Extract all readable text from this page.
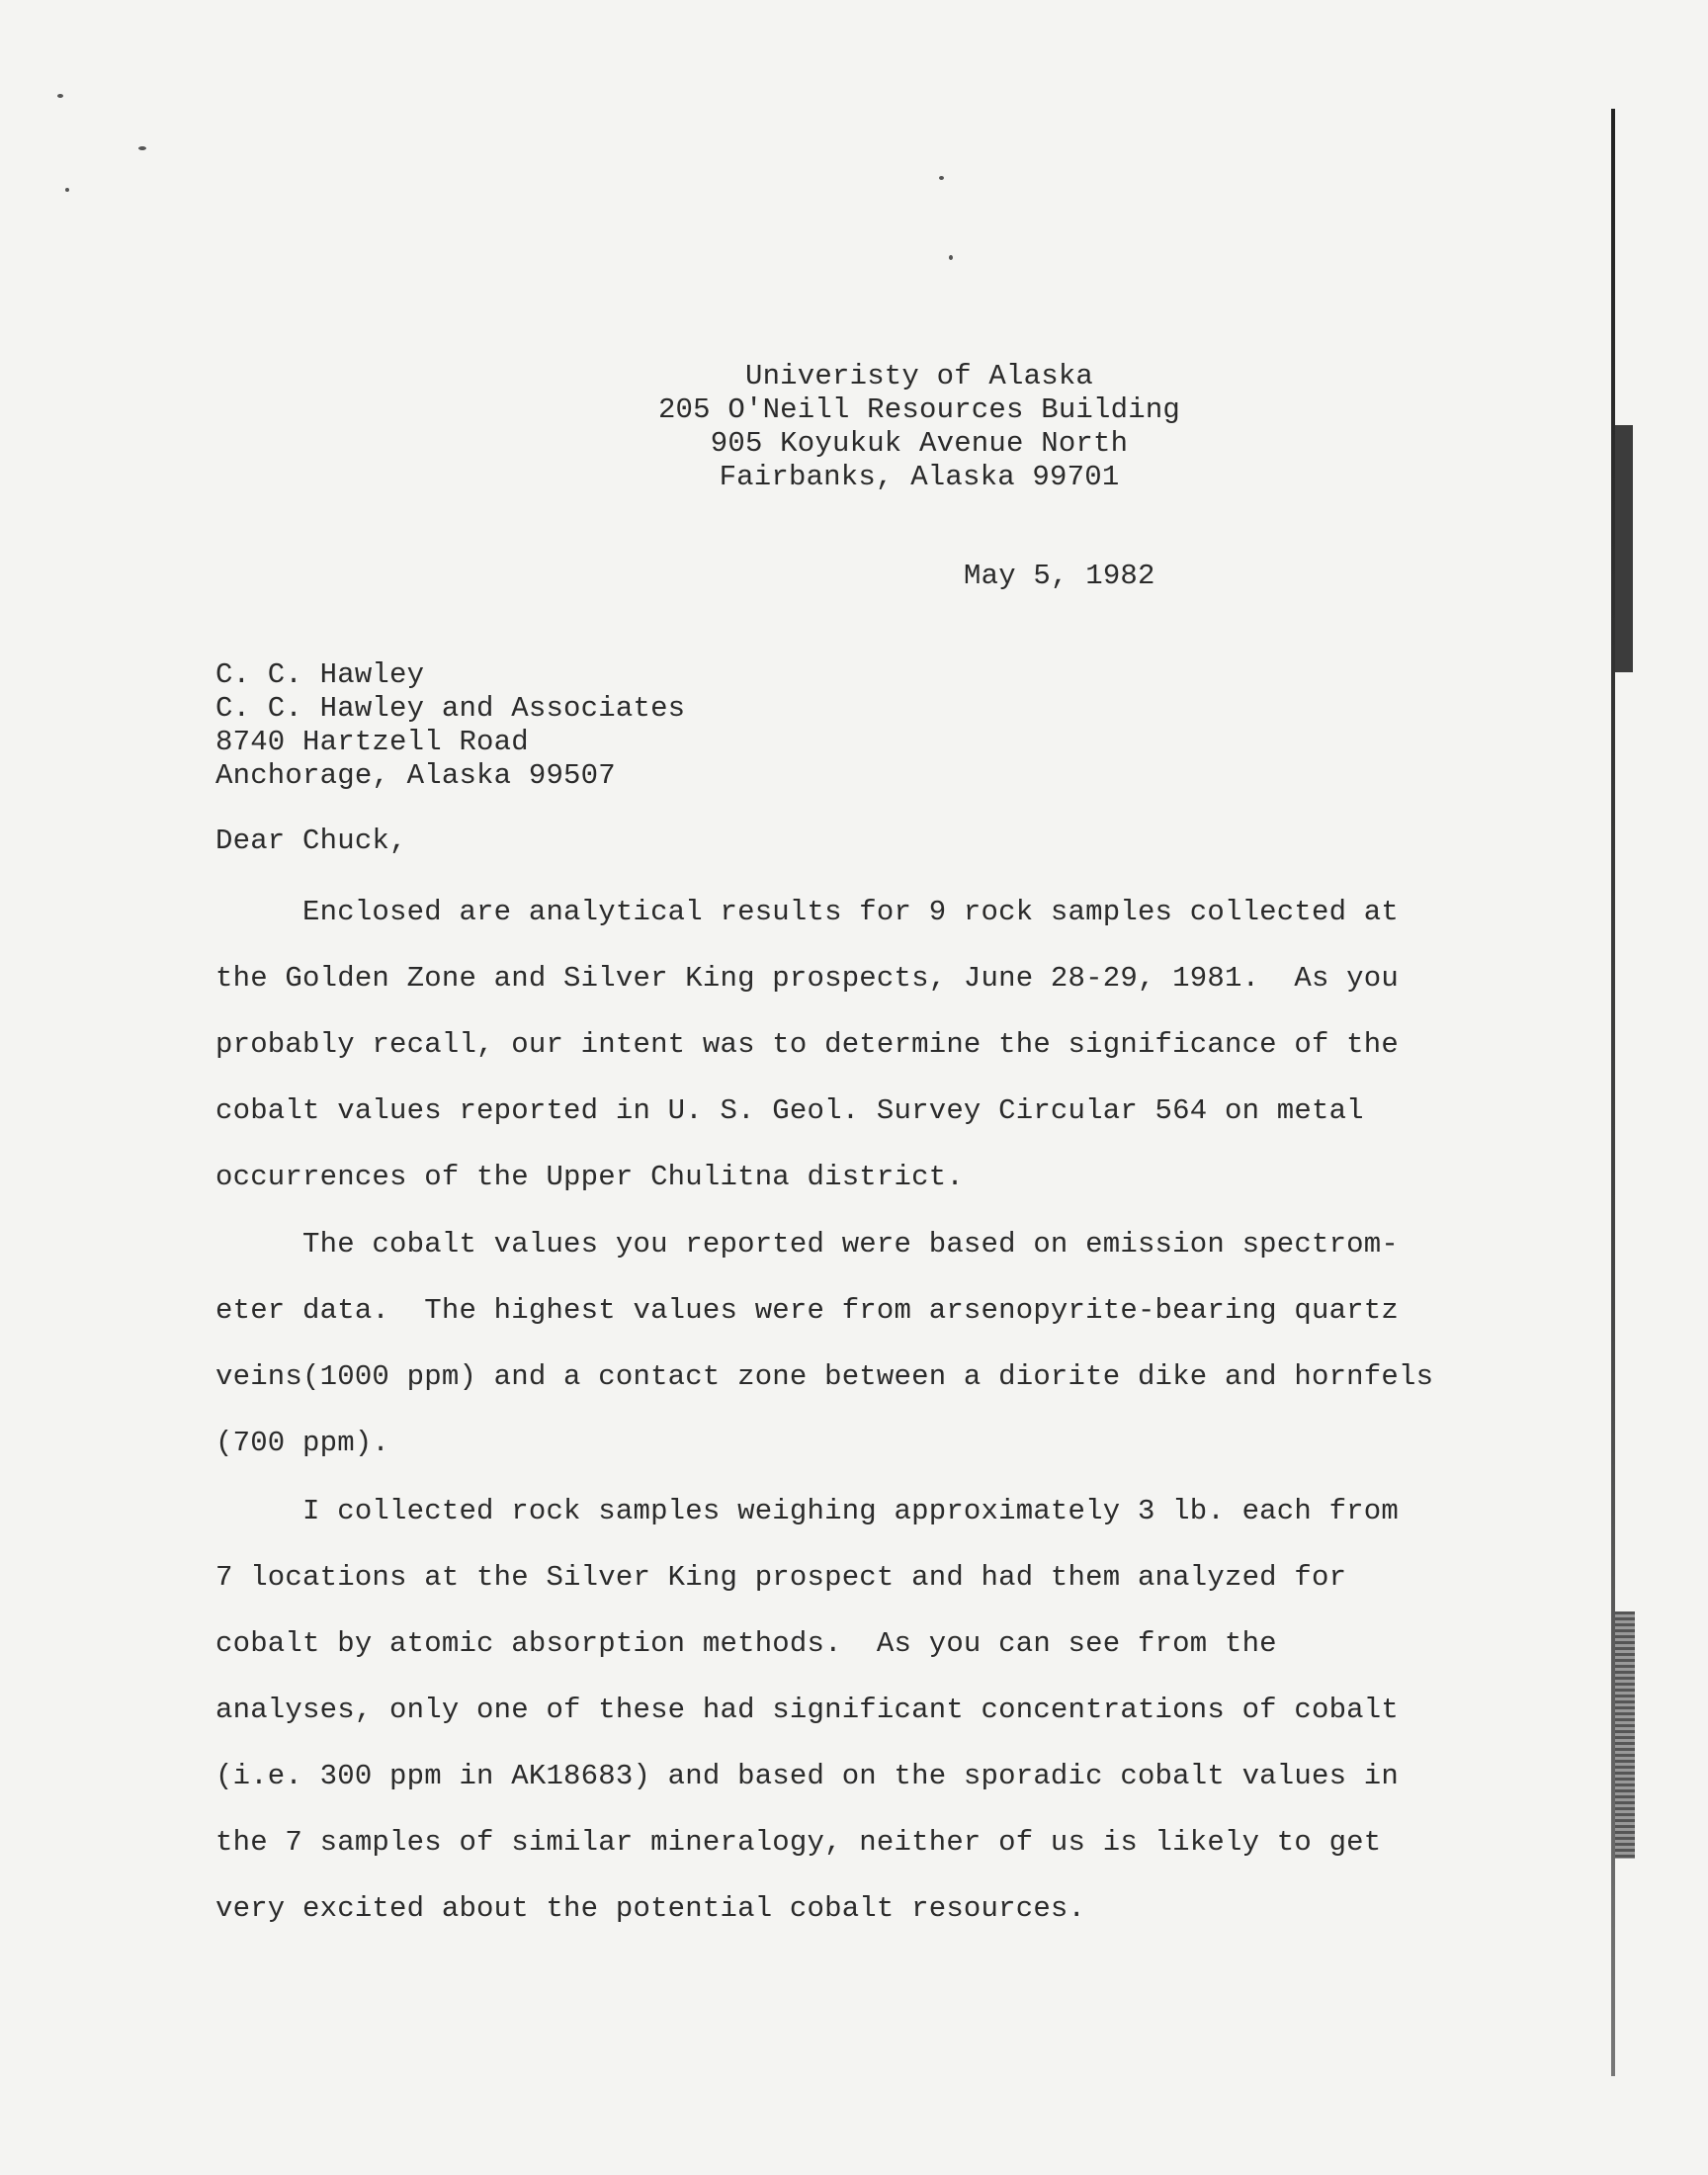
Univeristy of Alaska
205 O'Neill Resources Building
905 Koyukuk Avenue North
Fairbanks, Alaska 99701
May 5, 1982
C. C. Hawley
C. C. Hawley and Associates
8740 Hartzell Road
Anchorage, Alaska 99507
Dear Chuck,
Enclosed are analytical results for 9 rock samples collected at
the Golden Zone and Silver King prospects, June 28-29, 1981.  As you
probably recall, our intent was to determine the significance of the
cobalt values reported in U. S. Geol. Survey Circular 564 on metal
occurrences of the Upper Chulitna district.
The cobalt values you reported were based on emission spectrom-
eter data.  The highest values were from arsenopyrite-bearing quartz
veins(1000 ppm) and a contact zone between a diorite dike and hornfels
(700 ppm).
I collected rock samples weighing approximately 3 lb. each from
7 locations at the Silver King prospect and had them analyzed for
cobalt by atomic absorption methods.  As you can see from the
analyses, only one of these had significant concentrations of cobalt
(i.e. 300 ppm in AK18683) and based on the sporadic cobalt values in
the 7 samples of similar mineralogy, neither of us is likely to get
very excited about the potential cobalt resources.
